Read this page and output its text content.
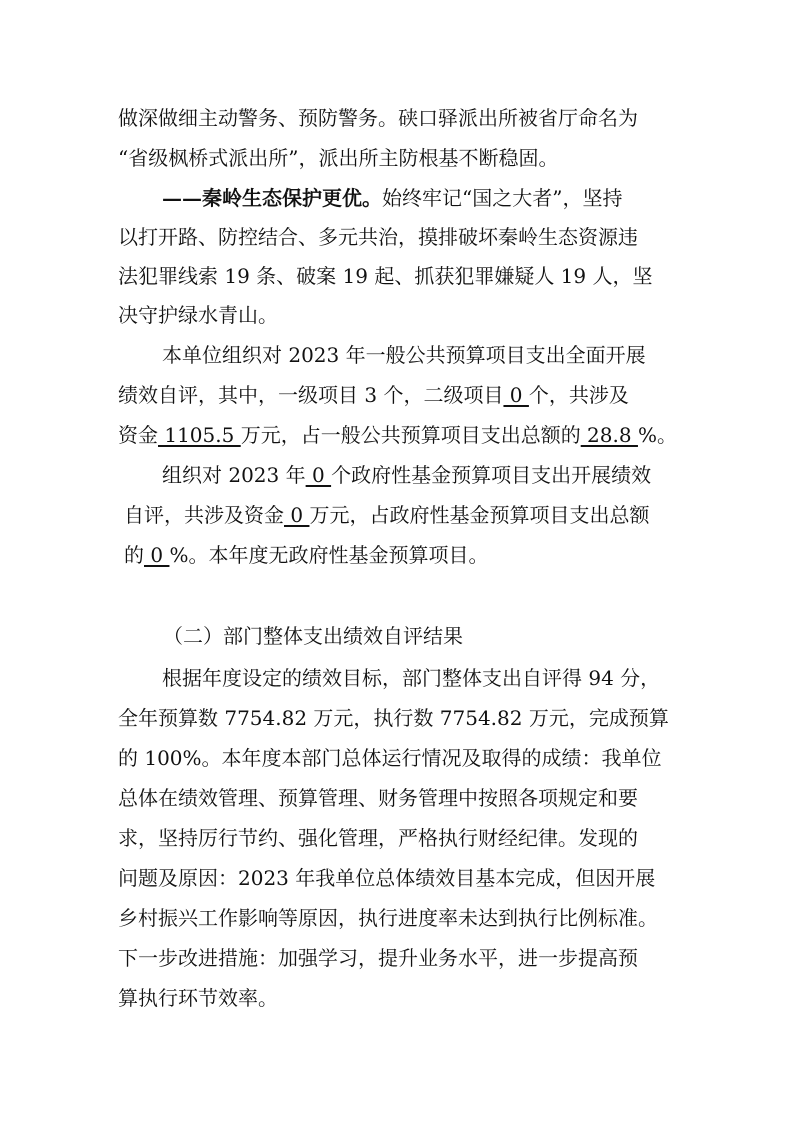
做深做细主动警务、预防警务。硖口驿派出所被省厅命名为
“省级枫桥式派出所”，派出所主防根基不断稳固。
——秦岭生态保护更优。始终牢记“国之大者”，坚持
以打开路、防控结合、多元共治，摸排破坏秦岭生态资源违
法犯罪线索 19 条、破案 19 起、抓获犯罪嫌疑人 19 人，坚
决守护绿水青山。
本单位组织对 2023 年一般公共预算项目支出全面开展
绩效自评，其中，一级项目 3 个，二级项目 0 个，共涉及
资金 1105.5 万元，占一般公共预算项目支出总额的 28.8 %。
组织对 2023 年 0 个政府性基金预算项目支出开展绩效
自评，共涉及资金 0 万元，占政府性基金预算项目支出总额
的 0 %。本年度无政府性基金预算项目。
（二）部门整体支出绩效自评结果
根据年度设定的绩效目标，部门整体支出自评得 94 分，
全年预算数 7754.82 万元，执行数 7754.82 万元，完成预算
的 100%。本年度本部门总体运行情况及取得的成绩：我单位
总体在绩效管理、预算管理、财务管理中按照各项规定和要
求，坚持厉行节约、强化管理，严格执行财经纪律。发现的
问题及原因：2023 年我单位总体绩效目基本完成，但因开展
乡村振兴工作影响等原因，执行进度率未达到执行比例标准。
下一步改进措施：加强学习，提升业务水平，进一步提高预
算执行环节效率。
